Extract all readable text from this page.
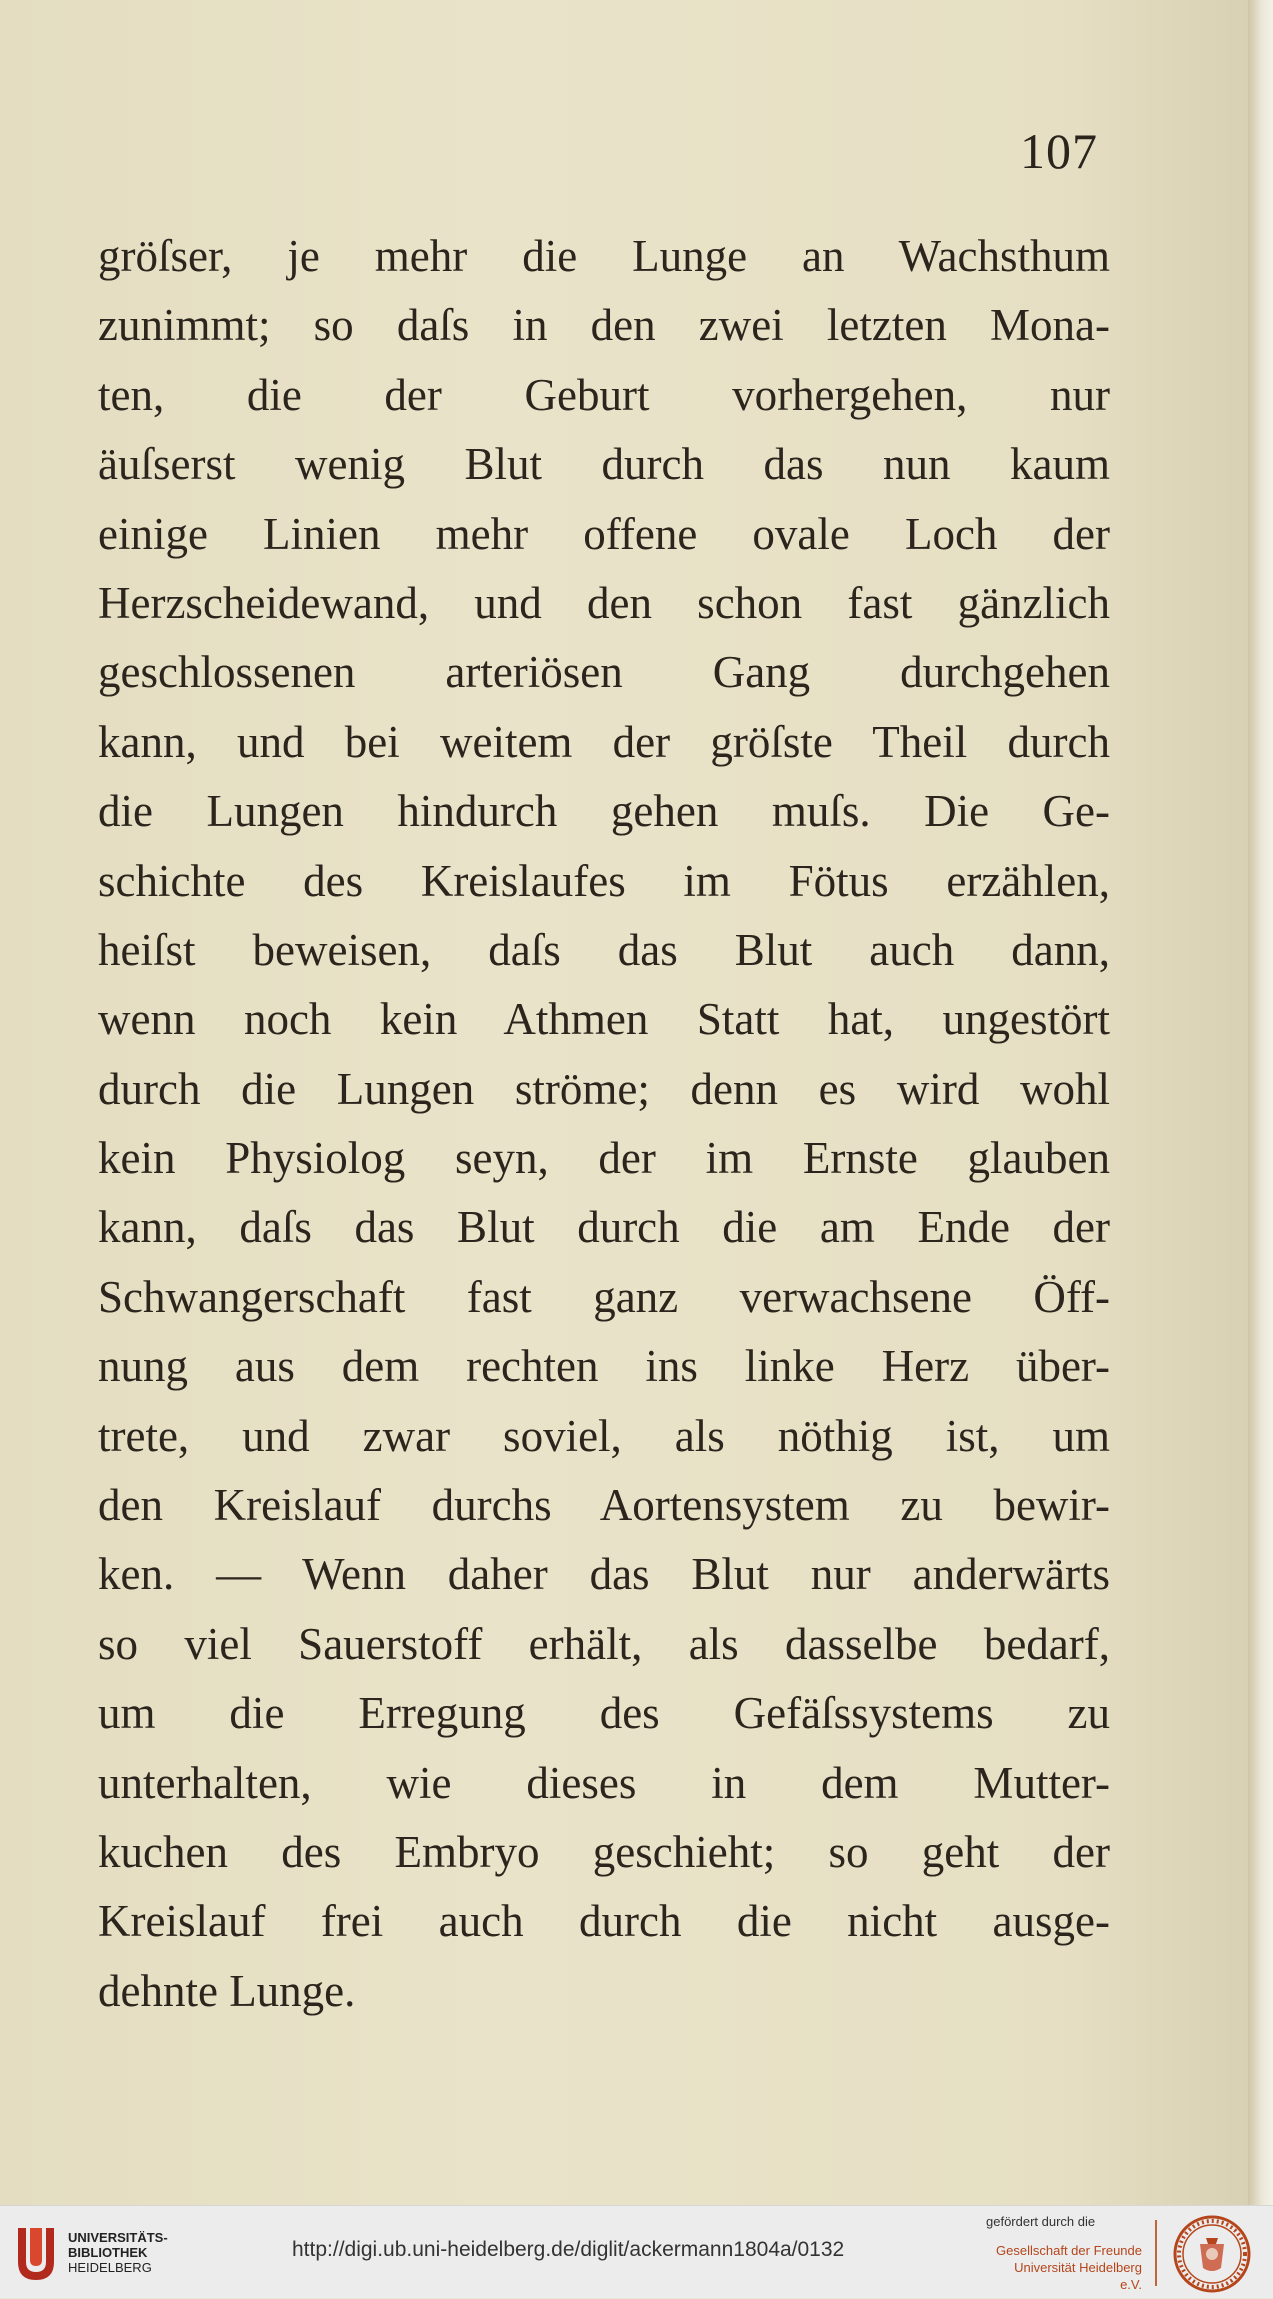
107
gröſser, je mehr die Lunge an Wachsthum
zunimmt; so daſs in den zwei letzten Mona-
ten, die der Geburt vorhergehen, nur
äuſserst wenig Blut durch das nun kaum
einige Linien mehr offene ovale Loch der
Herzscheidewand, und den schon fast gänzlich
geschlossenen arteriösen Gang durchgehen
kann, und bei weitem der gröſste Theil durch
die Lungen hindurch gehen muſs. Die Ge-
schichte des Kreislaufes im Fötus erzählen,
heiſst beweisen, daſs das Blut auch dann,
wenn noch kein Athmen Statt hat, ungestört
durch die Lungen ströme; denn es wird wohl
kein Physiolog seyn, der im Ernste glauben
kann, daſs das Blut durch die am Ende der
Schwangerschaft fast ganz verwachsene Öff-
nung aus dem rechten ins linke Herz über-
trete, und zwar soviel, als nöthig ist, um
den Kreislauf durchs Aortensystem zu bewir-
ken. — Wenn daher das Blut nur anderwärts
so viel Sauerstoff erhält, als dasselbe bedarf,
um die Erregung des Gefäſssystems zu
unterhalten, wie dieses in dem Mutter-
kuchen des Embryo geschieht; so geht der
Kreislauf frei auch durch die nicht ausge-
dehnte Lunge.
UNIVERSITÄTS-
BIBLIOTHEK
HEIDELBERG
http://digi.ub.uni-heidelberg.de/diglit/ackermann1804a/0132
gefördert durch die
Gesellschaft der Freunde
Universität Heidelberg e.V.
